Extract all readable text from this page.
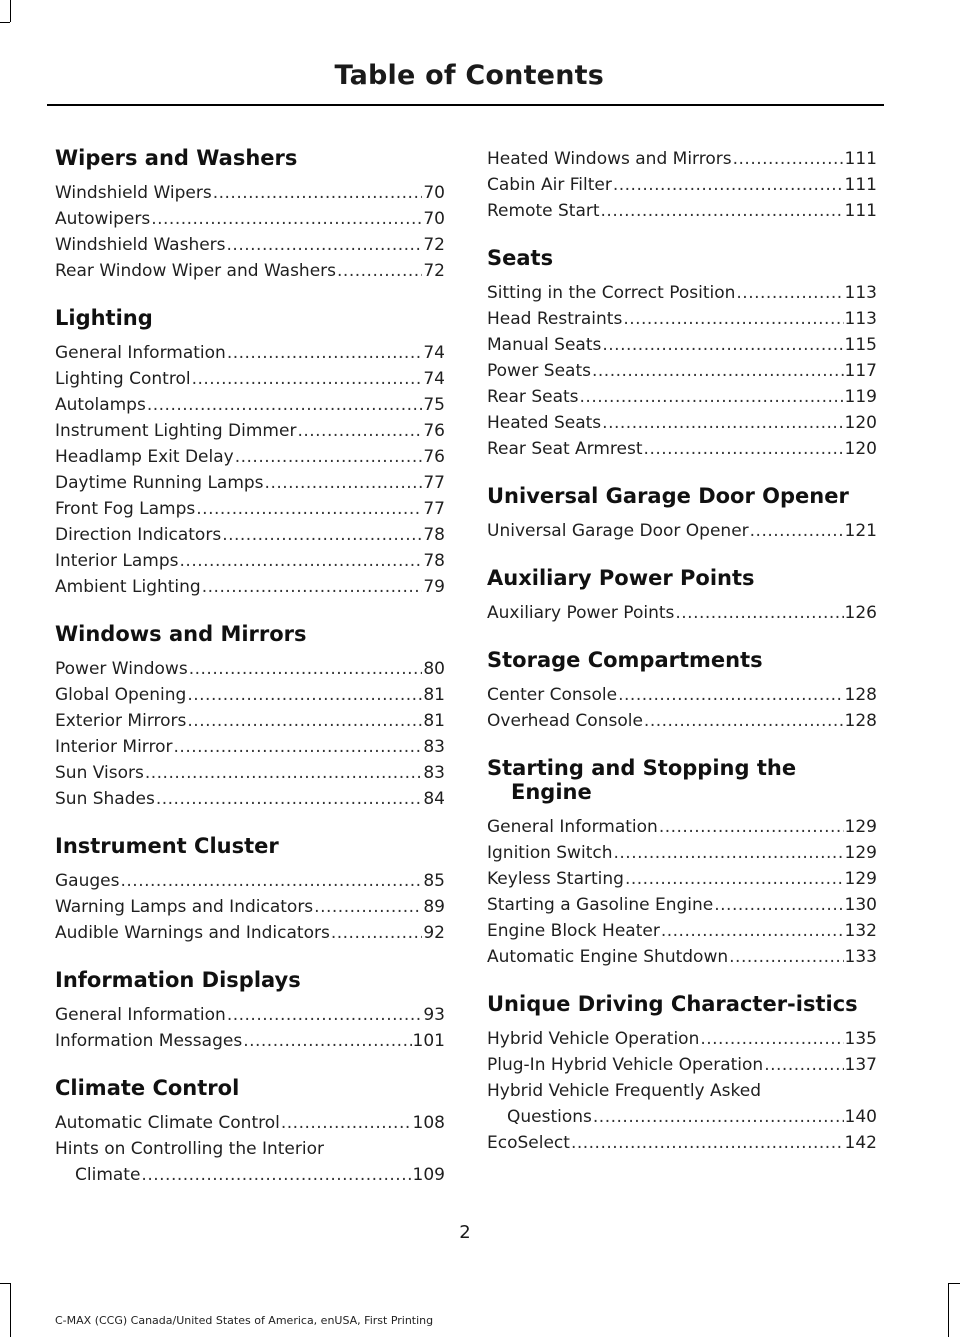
Table of Contents
Wipers and Washers
Windshield Wipers .....	70
Autowipers .....	70
Windshield Washers .....	72
Rear Window Wiper and Washers .....	72
Lighting
General Information .....	74
Lighting Control .....	74
Autolamps .....	75
Instrument Lighting Dimmer .....	76
Headlamp Exit Delay .....	76
Daytime Running Lamps .....	77
Front Fog Lamps .....	77
Direction Indicators .....	78
Interior Lamps .....	78
Ambient Lighting .....	79
Windows and Mirrors
Power Windows .....	80
Global Opening .....	81
Exterior Mirrors .....	81
Interior Mirror .....	83
Sun Visors .....	83
Sun Shades .....	84
Instrument Cluster
Gauges .....	85
Warning Lamps and Indicators .....	89
Audible Warnings and Indicators .....	92
Information Displays
General Information .....	93
Information Messages .....	101
Climate Control
Automatic Climate Control .....	108
Hints on Controlling the Interior
Climate .....	109
Heated Windows and Mirrors .....	111
Cabin Air Filter .....	111
Remote Start .....	111
Seats
Sitting in the Correct Position .....	113
Head Restraints .....	113
Manual Seats .....	115
Power Seats .....	117
Rear Seats .....	119
Heated Seats .....	120
Rear Seat Armrest .....	120
Universal Garage Door Opener
Universal Garage Door Opener .....	121
Auxiliary Power Points
Auxiliary Power Points .....	126
Storage Compartments
Center Console .....	128
Overhead Console .....	128
Starting and Stopping the Engine
General Information .....	129
Ignition Switch .....	129
Keyless Starting .....	129
Starting a Gasoline Engine .....	130
Engine Block Heater .....	132
Automatic Engine Shutdown .....	133
Unique Driving Character-istics
Hybrid Vehicle Operation .....	135
Plug-In Hybrid Vehicle Operation .....	137
Hybrid Vehicle Frequently Asked
Questions .....	140
EcoSelect .....	142
2
C-MAX (CCG) Canada/United States of America, enUSA, First Printing
